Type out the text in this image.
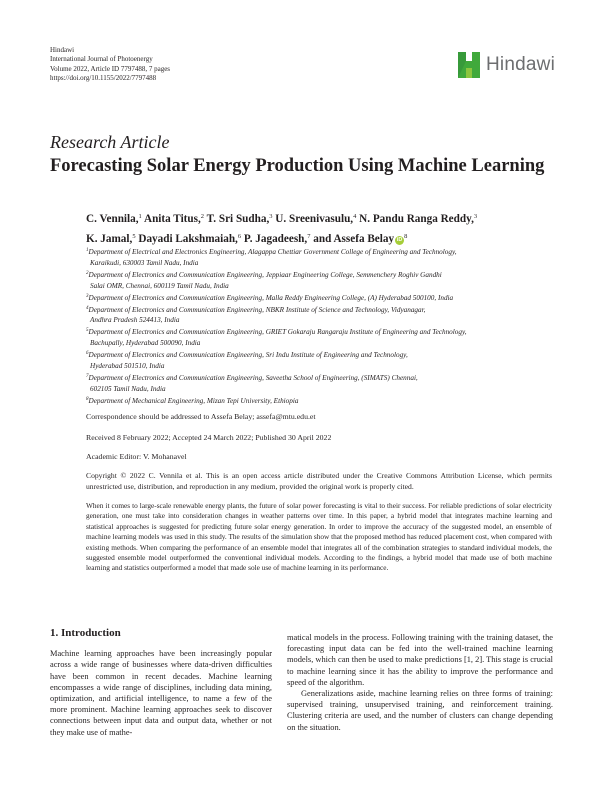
Hindawi
International Journal of Photoenergy
Volume 2022, Article ID 7797488, 7 pages
https://doi.org/10.1155/2022/7797488
Hindawi
Research Article
Forecasting Solar Energy Production Using Machine Learning
C. Vennila,$^1$ Anita Titus,$^2$ T. Sri Sudha,$^3$ U. Sreenivasulu,$^4$ N. Pandu Ranga Reddy,$^3$
K. Jamal,$^5$ Dayadi Lakshmaiah,$^6$ P. Jagadeesh,$^7$ and Assefa Belay iD $^8$
$^1$Department of Electrical and Electronics Engineering, Alagappa Chettiar Government College of Engineering and Technology,
Karaikudi, 630003 Tamil Nadu, India
$^2$Department of Electronics and Communication Engineering, Jeppiaar Engineering College, Semmenchery Roghiv Gandhi
Salai OMR, Chennai, 600119 Tamil Nadu, India
$^3$Department of Electronics and Communication Engineering, Malla Reddy Engineering College, (A) Hyderabad 500100, India
$^4$Department of Electronics and Communication Engineering, NBKR Institute of Science and Technology, Vidyanagar,
Andhra Pradesh 524413, India
$^5$Department of Electronics and Communication Engineering, GRIET Gokaraju Rangaraju Institute of Engineering and Technology,
Bachupally, Hyderabad 500090, India
$^6$Department of Electronics and Communication Engineering, Sri Indu Institute of Engineering and Technology,
Hyderabad 501510, India
$^7$Department of Electronics and Communication Engineering, Saveetha School of Engineering, (SIMATS) Chennai,
602105 Tamil Nadu, India
$^8$Department of Mechanical Engineering, Mizan Tepi University, Ethiopia
Correspondence should be addressed to Assefa Belay; assefa@mtu.edu.et
Received 8 February 2022; Accepted 24 March 2022; Published 30 April 2022
Academic Editor: V. Mohanavel
Copyright © 2022 C. Vennila et al. This is an open access article distributed under the Creative Commons Attribution License, which permits unrestricted use, distribution, and reproduction in any medium, provided the original work is properly cited.
When it comes to large-scale renewable energy plants, the future of solar power forecasting is vital to their success. For reliable predictions of solar electricity generation, one must take into consideration changes in weather patterns over time. In this paper, a hybrid model that integrates machine learning and statistical approaches is suggested for predicting future solar energy generation. In order to improve the accuracy of the suggested model, an ensemble of machine learning models was used in this study. The results of the simulation show that the proposed method has reduced placement cost, when compared with existing methods. When comparing the performance of an ensemble model that integrates all of the combination strategies to standard individual models, the suggested ensemble model outperformed the conventional individual models. According to the findings, a hybrid model that made use of both machine learning and statistics outperformed a model that made sole use of machine learning in its performance.
1. Introduction
Machine learning approaches have been increasingly popular across a wide range of businesses where data-driven difficulties have been common in recent decades. Machine learning encompasses a wide range of disciplines, including data mining, optimization, and artificial intelligence, to name a few of the more prominent. Machine learning approaches seek to discover connections between input data and output data, whether or not they make use of mathe-
matical models in the process. Following training with the training dataset, the forecasting input data can be fed into the well-trained machine learning models, which can then be used to make predictions [1, 2]. This stage is crucial to machine learning since it has the ability to improve the performance and speed of the algorithm.
Generalizations aside, machine learning relies on three forms of training: supervised training, unsupervised training, and reinforcement training. Clustering criteria are used, and the number of clusters can change depending on the situation.
